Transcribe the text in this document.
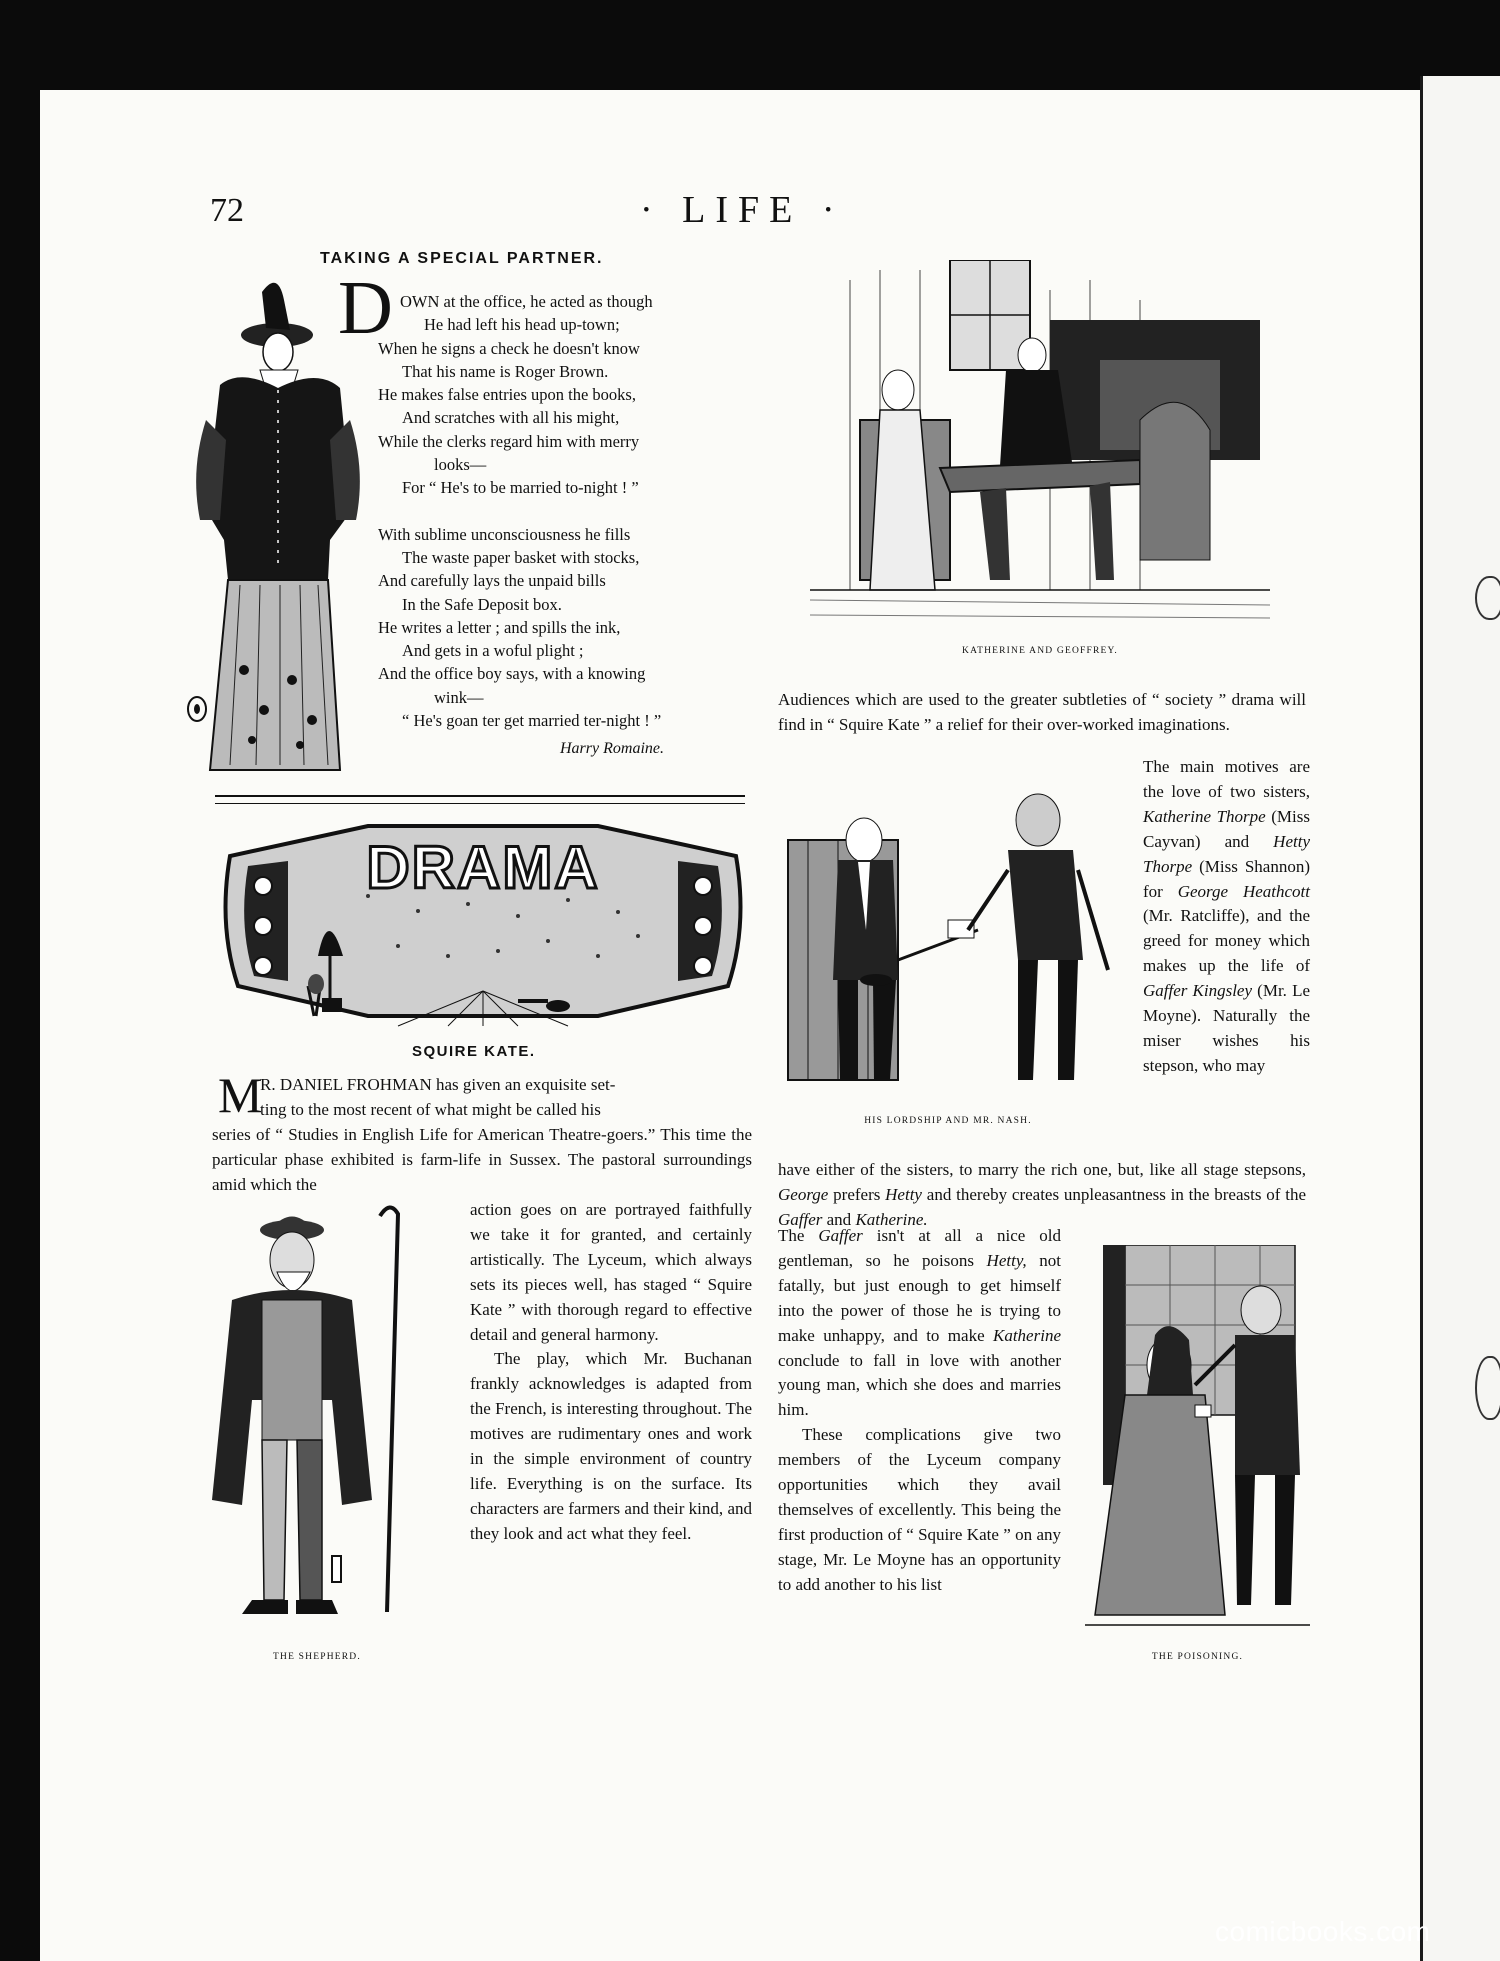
72	· LIFE ·
TAKING A SPECIAL PARTNER.
D OWN at the office, he acted as though
He had left his head up-town;
When he signs a check he doesn't know
That his name is Roger Brown.
He makes false entries upon the books,
And scratches with all his might,
While the clerks regard him with merry
looks—
For “ He's to be married to-night ! ”
With sublime unconsciousness he fills
The waste paper basket with stocks,
And carefully lays the unpaid bills
In the Safe Deposit box.
He writes a letter ; and spills the ink,
And gets in a woful plight ;
And the office boy says, with a knowing
wink—
“ He's goan ter get married ter-night ! ”
Harry Romaine.
KATHERINE AND GEOFFREY.
DRAMA
SQUIRE KATE.
M
R. DANIEL FROHMAN has given an exquisite set-
ting to the most recent of what might be called his
series of “ Studies in English Life for American Theatre-goers.” This time the particular phase exhibited is farm-life in Sussex. The pastoral surroundings amid which the
THE SHEPHERD.

action goes on are portrayed faithfully we take it for granted, and certainly artistically. The Lyceum, which always sets its pieces well, has staged “ Squire Kate ” with thorough regard to effective detail and general harmony.

The play, which Mr. Buchanan frankly acknowledges is adapted from the French, is interesting throughout. The motives are rudimentary ones and work in the simple environment of country life. Everything is on the surface. Its characters are farmers and their kind, and they look and act what they feel.

Audiences which are used to the greater subtleties of “ society ” drama will find in “ Squire Kate ” a relief for their over-worked imaginations.

HIS LORDSHIP AND MR. NASH.

The main motives are the love of two sisters, Katherine Thorpe (Miss Cayvan) and Hetty Thorpe (Miss Shannon) for George Heathcott (Mr. Ratcliffe), and the greed for money which makes up the life of Gaffer Kingsley (Mr. Le Moyne). Naturally the miser wishes his stepson, who may

have either of the sisters, to marry the rich one, but, like all stage stepsons, George prefers Hetty and thereby creates unpleasantness in the breasts of the Gaffer and Katherine.

The Gaffer isn't at all a nice old gentleman, so he poisons Hetty, not fatally, but just enough to get himself into the power of those he is trying to make unhappy, and to make Katherine conclude to fall in love with another young man, which she does and marries him.

These complications give two members of the Lyceum company opportunities which they avail themselves of excellently. This being the first production of “ Squire Kate ” on any stage, Mr. Le Moyne has an opportunity to add another to his list

THE POISONING.
comicbooks.com
